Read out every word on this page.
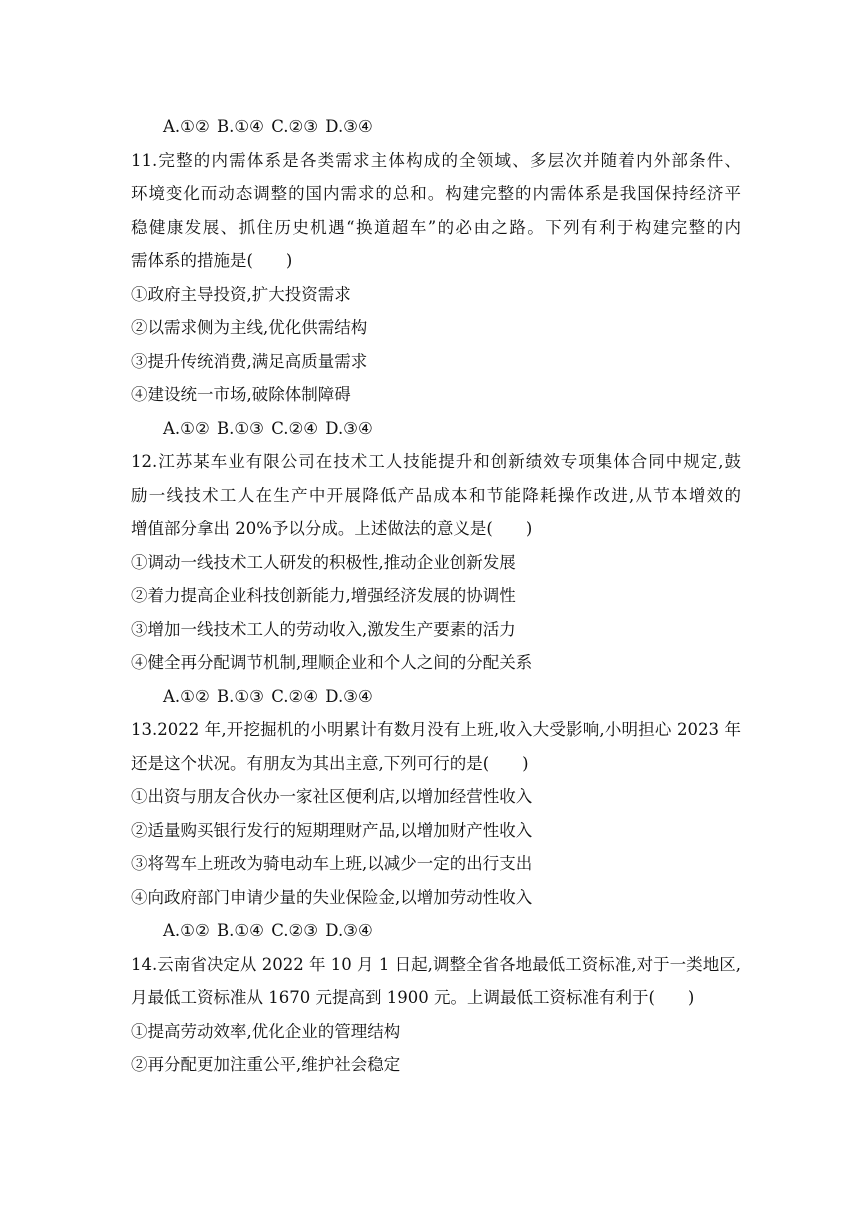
A.①② B.①④ C.②③ D.③④
11.完整的内需体系是各类需求主体构成的全领域、多层次并随着内外部条件、
环境变化而动态调整的国内需求的总和。构建完整的内需体系是我国保持经济平
稳健康发展、抓住历史机遇“换道超车”的必由之路。下列有利于构建完整的内
需体系的措施是(　　)
①政府主导投资,扩大投资需求
②以需求侧为主线,优化供需结构
③提升传统消费,满足高质量需求
④建设统一市场,破除体制障碍
A.①② B.①③ C.②④ D.③④
12.江苏某车业有限公司在技术工人技能提升和创新绩效专项集体合同中规定,鼓
励一线技术工人在生产中开展降低产品成本和节能降耗操作改进,从节本增效的
增值部分拿出 20%予以分成。上述做法的意义是(　　)
①调动一线技术工人研发的积极性,推动企业创新发展
②着力提高企业科技创新能力,增强经济发展的协调性
③增加一线技术工人的劳动收入,激发生产要素的活力
④健全再分配调节机制,理顺企业和个人之间的分配关系
A.①② B.①③ C.②④ D.③④
13.2022 年,开挖掘机的小明累计有数月没有上班,收入大受影响,小明担心 2023 年
还是这个状况。有朋友为其出主意,下列可行的是(　　)
①出资与朋友合伙办一家社区便利店,以增加经营性收入
②适量购买银行发行的短期理财产品,以增加财产性收入
③将驾车上班改为骑电动车上班,以减少一定的出行支出
④向政府部门申请少量的失业保险金,以增加劳动性收入
A.①② B.①④ C.②③ D.③④
14.云南省决定从 2022 年 10 月 1 日起,调整全省各地最低工资标准,对于一类地区,
月最低工资标准从 1670 元提高到 1900 元。上调最低工资标准有利于(　　)
①提高劳动效率,优化企业的管理结构
②再分配更加注重公平,维护社会稳定
